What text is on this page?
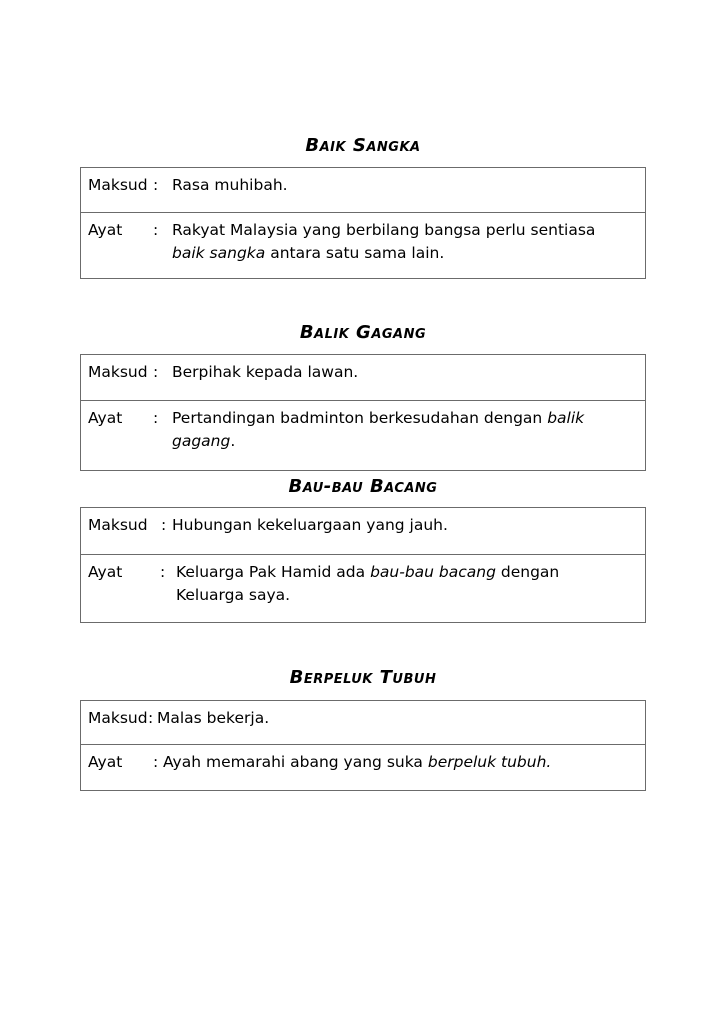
Baik Sangka
Maksud : Rasa muhibah.
Ayat : Rakyat Malaysia yang berbilang bangsa perlu sentiasa baik sangka antara satu sama lain.
Balik Gagang
Maksud : Berpihak kepada lawan.
Ayat : Pertandingan badminton berkesudahan dengan balik gagang.
Bau-bau Bacang
Maksud : Hubungan kekeluargaan yang jauh.
Ayat : Keluarga Pak Hamid ada bau-bau bacang dengan Keluarga saya.
Berpeluk Tubuh
Maksud : Malas bekerja.
Ayat : Ayah memarahi abang yang suka berpeluk tubuh.
